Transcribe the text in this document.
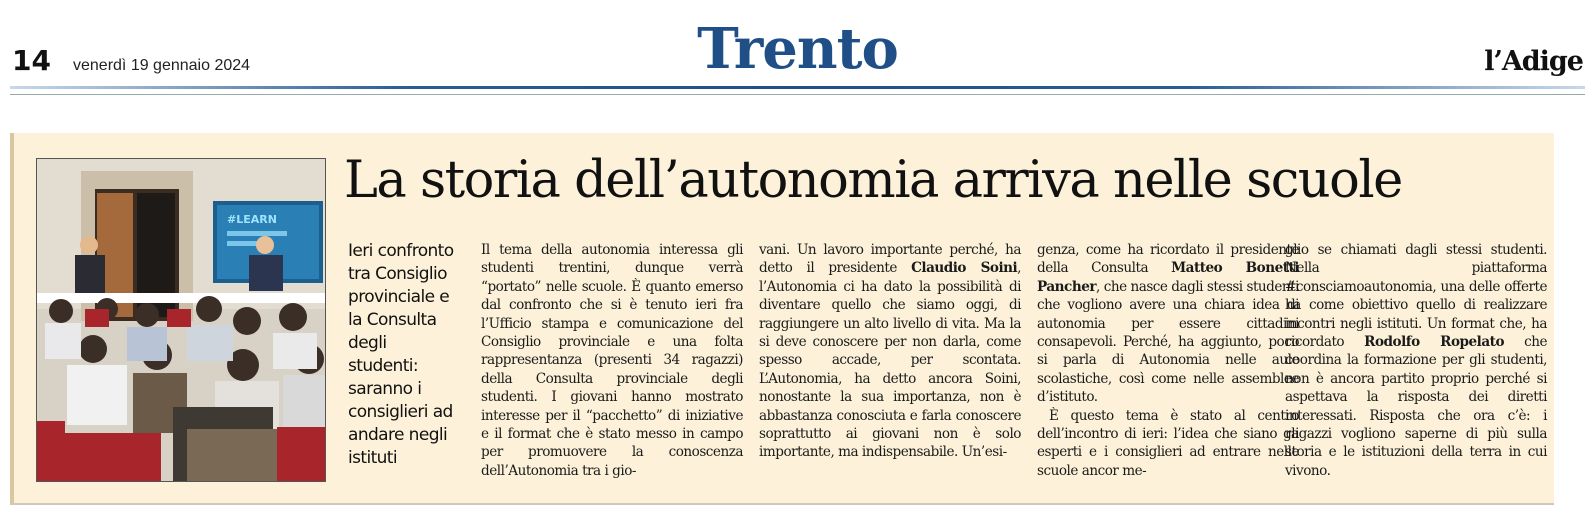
14 venerdì 19 gennaio 2024	Trento	l’Adige
#LEARN
La storia dell’autonomia arriva nelle scuole
Ieri confronto tra Consiglio provinciale e la Consulta degli studenti: saranno i consiglieri ad andare negli istituti

Il tema della autonomia interessa gli studenti trentini, dunque verrà “portato” nelle scuole. È quanto emerso dal confronto che si è tenuto ieri fra l’Ufficio stampa e comunicazione del Consiglio provinciale e una folta rappresentanza (presenti 34 ragazzi) della Consulta provinciale degli studenti. I giovani hanno mostrato interesse per il “pacchetto” di iniziative e il format che è stato messo in campo per promuovere la conoscenza dell’Autonomia tra i gio-

vani. Un lavoro importante perché, ha detto il presidente Claudio Soini, l’Autonomia ci ha dato la possibilità di diventare quello che siamo oggi, di raggiungere un alto livello di vita. Ma la si deve conoscere per non darla, come spesso accade, per scontata. L’Autonomia, ha detto ancora Soini, nonostante la sua importanza, non è abbastanza conosciuta e farla conoscere soprattutto ai giovani non è solo importante, ma indispensabile. Un’esi-

genza, come ha ricordato il presidente della Consulta Matteo Bonetti Pancher, che nasce dagli stessi studenti che vogliono avere una chiara idea di autonomia per essere cittadini consapevoli. Perché, ha aggiunto, poco si parla di Autonomia nelle aule scolastiche, così come nelle assemblee d’istituto.

È questo tema è stato al centro dell’incontro di ieri: l’idea che siano gli esperti e i consiglieri ad entrare nelle scuole ancor me-

glio se chiamati dagli stessi studenti. Nella piattaforma #consciamoautonomia, una delle offerte ha come obiettivo quello di realizzare incontri negli istituti. Un format che, ha ricordato Rodolfo Ropelato che coordina la formazione per gli studenti, non è ancora partito proprio perché si aspettava la risposta dei diretti interessati. Risposta che ora c’è: i ragazzi vogliono saperne di più sulla storia e le istituzioni della terra in cui vivono.
